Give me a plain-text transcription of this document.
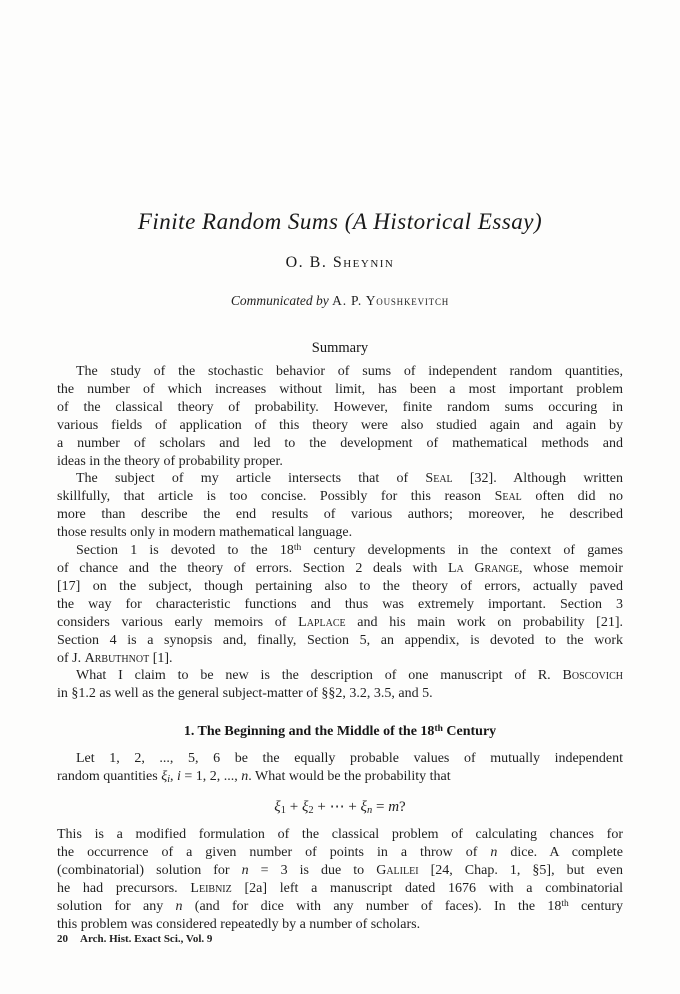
Finite Random Sums (A Historical Essay)
O. B. Sheynin
Communicated by A. P. Youshkevitch
Summary
The study of the stochastic behavior of sums of independent random quantities,
the number of which increases without limit, has been a most important problem
of the classical theory of probability. However, finite random sums occuring in
various fields of application of this theory were also studied again and again by
a number of scholars and led to the development of mathematical methods and
ideas in the theory of probability proper.
The subject of my article intersects that of Seal [32]. Although written
skillfully, that article is too concise. Possibly for this reason Seal often did no
more than describe the end results of various authors; moreover, he described
those results only in modern mathematical language.
Section 1 is devoted to the 18th century developments in the context of games
of chance and the theory of errors. Section 2 deals with La Grange, whose memoir
[17] on the subject, though pertaining also to the theory of errors, actually paved
the way for characteristic functions and thus was extremely important. Section 3
considers various early memoirs of Laplace and his main work on probability [21].
Section 4 is a synopsis and, finally, Section 5, an appendix, is devoted to the work
of J. Arbuthnot [1].
What I claim to be new is the description of one manuscript of R. Boscovich
in §1.2 as well as the general subject-matter of §§2, 3.2, 3.5, and 5.
1. The Beginning and the Middle of the 18th Century
Let 1, 2, ..., 5, 6 be the equally probable values of mutually independent
random quantities $\xi_i$, i = 1, 2, ..., n. What would be the probability that
ξ1 + ξ2 + ⋯ + ξn = m?
This is a modified formulation of the classical problem of calculating chances for
the occurrence of a given number of points in a throw of n dice. A complete
(combinatorial) solution for n = 3 is due to Galilei [24, Chap. 1, §5], but even
he had precursors. Leibniz [2a] left a manuscript dated 1676 with a combinatorial
solution for any n (and for dice with any number of faces). In the 18th century
this problem was considered repeatedly by a number of scholars.
20 Arch. Hist. Exact Sci., Vol. 9
